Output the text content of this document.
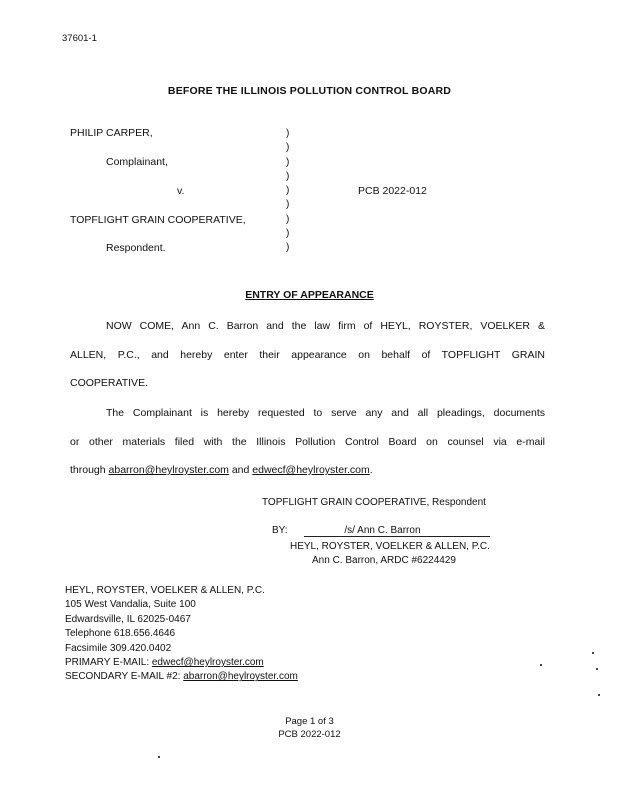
37601-1
BEFORE THE ILLINOIS POLLUTION CONTROL BOARD
PHILIP CARPER,
Complainant,
v.	PCB 2022-012
TOPFLIGHT GRAIN COOPERATIVE,
Respondent.
)
)
)
)
)
)
)
)
)
ENTRY OF APPEARANCE
NOW COME, Ann C. Barron and the law firm of HEYL, ROYSTER, VOELKER &
ALLEN, P.C., and hereby enter their appearance on behalf of TOPFLIGHT GRAIN
COOPERATIVE.
The Complainant is hereby requested to serve any and all pleadings, documents
or other materials filed with the Illinois Pollution Control Board on counsel via e-mail
through abarron@heylroyster.com and edwecf@heylroyster.com.
TOPFLIGHT GRAIN COOPERATIVE, Respondent
BY:	/s/ Ann C. Barron
HEYL, ROYSTER, VOELKER & ALLEN, P.C.
Ann C. Barron, ARDC #6224429
HEYL, ROYSTER, VOELKER & ALLEN, P.C.
105 West Vandalia, Suite 100
Edwardsville, IL 62025-0467
Telephone 618.656.4646
Facsimile 309.420.0402
PRIMARY E-MAIL: edwecf@heylroyster.com
SECONDARY E-MAIL #2: abarron@heylroyster.com
Page 1 of 3
PCB 2022-012
